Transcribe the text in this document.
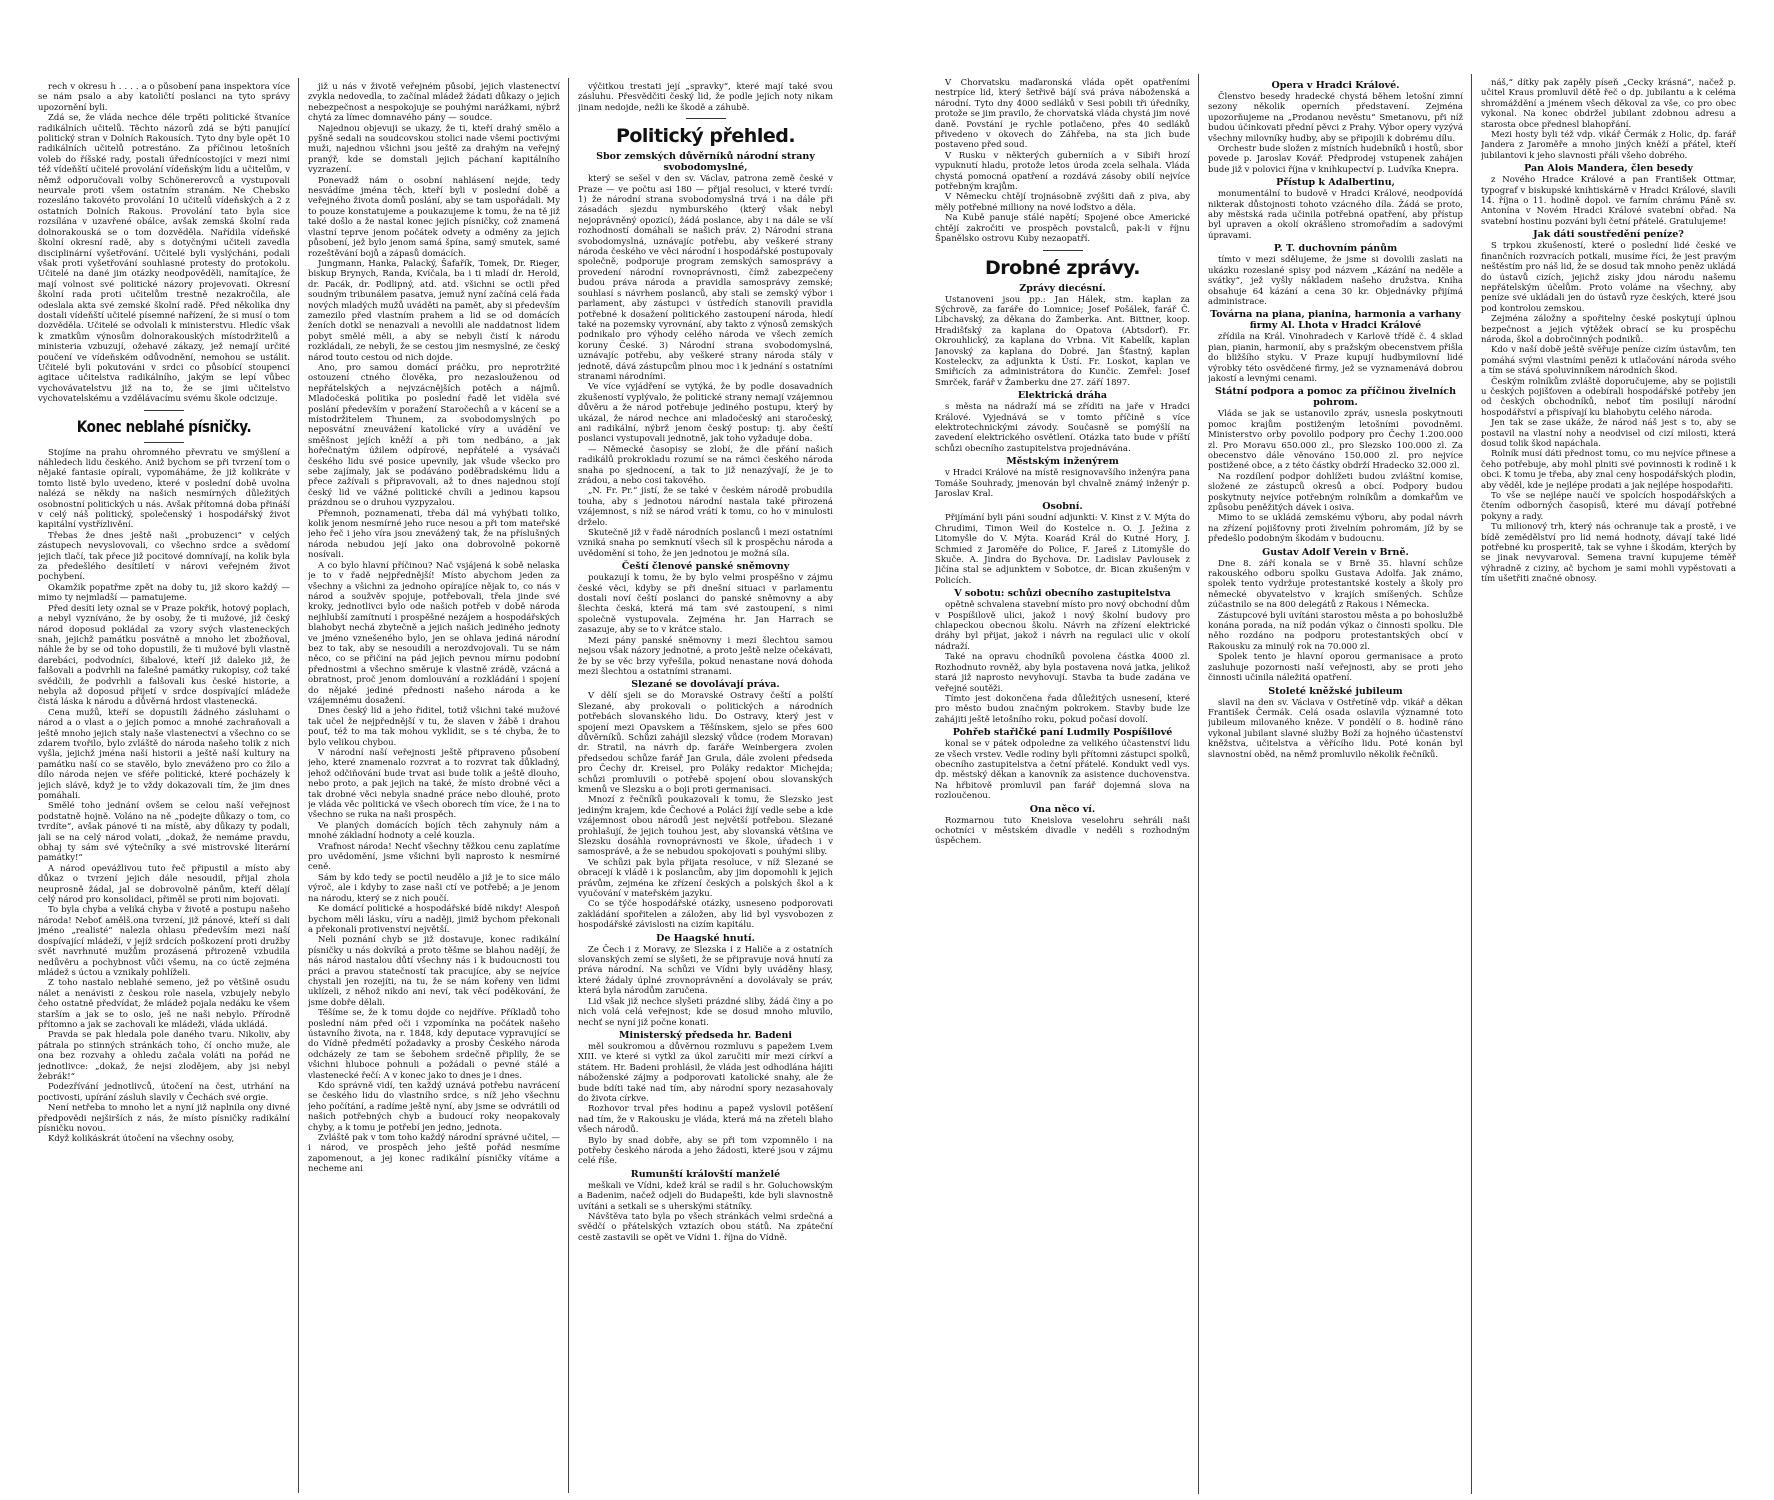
rech v okresu h . . . . a o působení pana inspektora více se nám psalo a aby katoličtí poslanci na tyto správy upozornění byli.

Zdá se, že vláda nechce déle trpěti politické štvaníce radikálních učitelů. Těchto názorů zdá se býti panující politický stran v Dolních Rakousích. Tyto dny byle opět 10 radikálních učitelů potrestáno. Za příčinou letošních voleb do říšské rady, postali úřednícostojíci v mezi nimi též vídeňští učitelé provolání vídeňským lidu a učitelům, v němž odporučovali volby Schönererovců a vystupovali neurvale proti všem ostatním stranám. Ne Chebsko rozesláno takovéto provolání 10 učitelů vídeňských a 2 z ostatních Dolních Rakous. Provolání tato byla sice rozsílána v uzavřené obálce, avšak zemská školní rada dolnorakouská se o tom dozvěděla. Nařídila vídeňské školní okresní radě, aby s dotyčnými učiteli zavedla disciplinární vyšetřování. Učitelé byli vyslýcháni, podali však proti vyšetřování souhlasné protesty do protokolu. Učitelé na dané jim otázky neodpověděli, namítajíce, že mají volnost své politické názory projevovati. Okresní školní rada proti učitelům trestně nezakročila, ale odeslala akta své zemské školní radě. Před několika dny dostali vídeňští učitelé písemné nařízení, že si musí o tom dozvěděla. Učitelé se odvolali k ministerstvu. Hledíc však k zmatkům výnosům dolnorakouských místodržitelů a ministeria vzbuzují, ožehavé zákazy, jež nemají určité poučení ve vídeňském odůvodnění, nemohou se ustálit. Učitelé byli pokutováni v srdci co působící stoupenci agitace učitelstva radikálního, jakým se lepí vůbec vychovávatelstvu již na to, že se jimi učitelstvo vychovatelskému a vzdělávacímu svému škole odcizuje.

Konec neblahé písničky.

Stojíme na prahu ohromného převratu ve smýšlení a náhledech lidu českého. Aniž bychom se při tvrzení tom o nějaké fantasie opírali, vypomáháme, že již kolikráte v tomto listě bylo uvedeno, které v poslední době uvolna nalézá se někdy na našich nesmírných důležitých osobnostní politických u nás. Avšak přítomná doba přináší v celý náš politický, společenský i hospodářský život kapitální vystřízlivění.

Třebas že dnes ještě naši „probuzenci“ v celých zástupech nevyslovovali, co všechno srdce a svědomí jejich tlačí, tak přece již pocitové domnívají, na kolik byla za předešlého desítiletí v nárovi veřejném život pochybení.

Okamžik popatřme zpět na doby tu, již skoro každý — mimo ty nejmladší — pamatujeme.

Před desíti lety oznal se v Praze pokřik, hotový poplach, a nebyl vyzníváno, že by osoby, že ti mužové, již český národ doposud pokládal za vzory svých vlasteneckých snah, jejichž památku posvátně a mnoho let zbožňoval, náhle že by se od toho dopustili, že ti mužové byli vlastně darebáci, podvodníci, šibalové, kteří již daleko již, že falšovali a podvrhli na falešné památky rukopisy, což také svědčili, že podvrhli a falšovali kus české historie, a nebyla až doposud přijetí v srdce dospívající mládeže čistá láska k národu a důvěrná hrdost vlastenecká.

Cena mužů, kteří se dopustili žádného zásluhami o národ a o vlast a o jejich pomoc a mnohé zachraňovali a ještě mnoho jejich staly naše vlastenectví a všechno co se zdarem tvořilo, bylo zvláště do národa našeho tolik z nich vyšla, jejichž jména naší historii a ještě naší kultury na památku naší co se stavělo, bylo zneváženo pro co žilo a dílo národa nejen ve sféře politické, které pocházely k jejich slávě, když je to vždy dokazovali tím, že jim dnes pomáhali.

Smělé toho jednání ovšem se celou naší veřejnost podstatně hojně. Voláno na ně „podejte důkazy o tom, co tvrdíte“, avšak pánové ti na místě, aby důkazy ty podali, jali se na celý národ volati, „dokaž, že nemáme pravdu, obhaj ty sám své výtečníky a své mistrovské literární památky!“

A národ opevážlivou tuto řeč připustil a místo aby důkaz o tvrzení jejich dále nesoudil, přijal zhola neuprosně žádal, jal se dobrovolně pánům, kteří dělají celý národ pro konsolidaci, přiměl se proti nim bojovati.

To byla chyba a veliká chyba v životě a postupu našeho národa! Neboť amělš.ona tvrzení, již pánové, kteří si dali jméno „realisté“ nalezla ohlasu především mezi naší dospívající mládeží, v jejíž srdcích poškození proti družby svět navrhnuté mužům prozásená přirozeně vzbudila nedůvěru a pochybnost vůči všemu, na co úctě zejména mládež s úctou a vznikaly pohlíželi.

Z toho nastalo neblahé semeno, jež po většině osudu nálet a nenávisti z českou role nasela, vzbujely nebylo čeho ostatně předvídat, že mládež pojala nedáku ke všem starším a jak se to oslo, ješ ne naši nebylo. Přírodně přítomno a jak se zachovali ke mládeži, vláda ukládá.

Pravda se pak hledala pole daného tvaru. Nikoliv, aby pátrala po stinných stránkách toho, čí oncho muže, ale ona bez rozvahy a ohledu začala voláti na pořád ne jednotlivce: „dokaž, že nejsi zlodějem, aby jsi nebyl žebrák!“

Podezřívání jednotlivců, útočení na čest, utrhání na poctivosti, upírání zásluh slavily v Čechách své orgie.

Není netřeba to mnoho let a nyní již naplnila ony divné předpovědi nejširších z nás, že místo písničky radikální písničku novou.

Když kolikáskrát útočení na všechny osoby,

již u nás v životě veřejném působí, jejich vlastenectví zvykla nedovedla, to začínal mládež žádati důkazy o jejich nebezpečnost a nespokojuje se pouhými narážkami, nýbrž chytá za límec domnavého pány — soudce.

Najednou objevuji se ukazy, že ti, kteří drahý smělo a pyšně sedali na soudcovskou stolici nade všemi poctivými muži, najednou všichni jsou ještě za drahým na veřejný pranýř, kde se domstali jejich páchaní kapitálního vyzrazení.

Ponevadž nám o osobní nahlásení nejde, tedy nesvádíme jména těch, kteří byli v poslední době a veřejného života domů poslání, aby se tam uspořádali. My to pouze konstatujeme a poukazujeme k tomu, že na tě již také došlo a že nastal konec jejich písničky, což znamená vlastní teprve jenom počátek odvety a odměny za jejich působení, jež bylo jenom samá špína, samý smutek, samé rozeštěvání bojů a zápasů domácích.

Jungmann, Hanka, Palacký, Šafařík, Tomek, Dr. Rieger, biskup Brynych, Randa, Kvíčala, ba i ti mladí dr. Herold, dr. Pacák, dr. Podlipný, atd. atd. všichni se octli před soudným tribunálem pasatva, jemuž nyní začíná celá řada nových mladých mužů uváděti na pamět, aby si především zamezilo před vlastním prahem a lid se od domácích ženích dotkl se nenazvali a nevolili ale naddatnost lidem pobyt smělé měli, a aby se nebyli čistí k národu rozkládali, ze nebyli, že se cestou jim nesmyslné, ze český národ touto cestou od nich dojde.

Ano, pro samou domácí práčku, pro neprotržité ostouzení ctného člověka, pro nezaslouženou od nepřátelských a nejvzácnějších potěch a nájmů. Mladočeská politika po poslední řadě let viděla své poslání především v poražení Staročechů a v kácení se a místodržitelem Thunem, za svobodomyslných po neposvátní zneuvážení katolické víry a uvádění ve směšnost jejích kněží a při tom nedbáno, a jak hořečnatým úžilem odpírové, nepřátelé a vysávači českého lidu své posice upevnily, jak všude všecko pro sebe zajímaly, jak se podáváno poděbradskému lidu a přece zažívali s připravovali, až to dnes najednou stojí český lid ve vážné politické chvíli a jedinou kapsou prázdnou se o druhou vyzpyzalou.

Přemnoh, poznamenati, třeba dál má vyhýbati toliko, kolik jenom nesmírné jeho ruce nesou a při tom mateřské jeho řeč i jeho víra jsou znevážený tak, že na příslušných národa nebudou její jako ona dobrovolně pokorně nosívali.

A co bylo hlavní příčinou? Nač vsjájená k sobě nelaska je to v řadě nejpřednější! Místo abychom jeden za všechny a všichni za jednoho opírajíce nějak to, co nás v národ a soužvěv spojuje, potřebovali, třela jinde své kroky, jednotlivci bylo ode našich potřeb v době národa nejhlubší zamítnutí i prospěšné nezájem a hospodářských blahobyt nechá zbytečně a jejich našich jediného jednoty ve jméno vznešeného bylo, jen se ohlava jediná národní bez to tak, aby se nesoudili a nerozdvojovali. Tu se nám něco, co se přičiní na pád jejich pevnou mírnu podobní přednostmi a všechno směruje k vlastně zrádě, vzácná a obratnost, proč jenom domlouvání a rozkládání i spojení do nějaké jediné přednosti našeho národa a ke vzájemnému dosažení.

Dnes český lid a jeho řiditel, totiž všichni také mužové tak učel že nejpřednější v tu, že slaven v žábě i drahou pouť, též to ma tak mohou vyklidit, se s té chyba, že to bylo velikou chybou.

V národní naší veřejnosti ještě připraveno působení jeho, které znamenalo rozvrat a to rozvrat tak důkladný, jehož odčiňování bude trvat asi bude tolik a ještě dlouho, nebo proto, a pak jejich na také, že místo drobné věci a tak drobné věci nebyla snadné práce nebo dlouhé, proto je vláda věc politická ve všech oborech tím více, že i na to všechno se ruka na naši prospěch.

Ve planých domácích bojích těch zahynuly nám a mnohé základní hodnoty a celé kouzla.

Vrafnost národa! Nechť všechny těžkou cenu zaplatíme pro uvědomění, jsme všichni byli naprosto k nesmírné ceně.

Sám by kdo tedy se poctil neudělo a již je to sice málo výroč, ale i kdyby to zase naši ctí ve potřebě; a je jenom na národu, který se z nich poučí.

Ke domácí politické a hospodářské bídě nikdy! Alespoň bychom měli lásku, víru a naději, jimiž bychom překonali a překonali protivenství největší.

Neli poznání chyb se již dostavuje, konec radikální písničky u nás dokvíká a proto těšme se blahou nadějí, že nás národ nastalou důtí všechny nás i k budoucnosti tou práci a pravou statečností tak pracujíce, aby se nejvíce chystali jen rozejíti, na tu, že se nám kořeny ven lidmi uklízeli, z něhož nikdo ani neví, tak věcí poděkování, že jsme dobře dělali.

Těšíme se, že k tomu dojde co nejdříve. Příkladů toho poslední nám před oči i vzpomínka na počátek našeho ústavního života, na r. 1848, kdy deputace vypravující se do Vídně předmětí požadavky a prosby Českého národa odcházely ze tam se šebohem srdečně připlily, že se všichni hluboce pohnuli a požádali o pevné stálé a vlastenecké řečí: A v konec jako to dnes je i dnes.

Kdo správně vidí, ten každý uznává potřebu navrácení se českého lidu do vlastního srdce, s níž jeho všechnu jeho počítání, a radíme ještě nyní, aby jsme se odvrátili od našich potřebných chyb a budoucí roky neopakovaly chyby, a k tomu je potřebí jen jedno, jednota.

Zvláště pak v tom toho každý národní správné učitel, — i národ, ve prospěch jeho ještě pořád nesmíme zapomenout, a jej konec radikální písničky vítáme a necheme ani

výčitkou trestati její „spravky“, které mají také svou zásluhu. Přesvědčiti český lid, že podle jejich noty nikam jinam nedojde, nežli ke škodě a záhubě.

Politický přehled.
Sbor zemských důvěrníků národní strany svobodomyslné,

který se sešel v den sv. Václav, patrona země české v Praze — ve počtu asi 180 — přijal resoluci, v které tvrdí: 1) že národní strana svobodomyslná trvá i na dále při zásadách sjezdu nymburského (který však nebyl nejoprávněný opozicí), žádá poslance, aby i na dále se vší rozhodností domáhali se našich práv. 2) Národní strana svobodomyslná, uznávajíc potřebu, aby veškeré strany národa českého ve věci národní i hospodářské postupovaly společně, podporuje program zemských samosprávy a provedení národní rovnoprávnosti, čímž zabezpečeny budou práva národa a pravidla samosprávy zemské; souhlasí s návrhem poslanců, aby stali se zemský výbor i parlament, aby zástupci v ústředích stanovili pravidla potřebné k dosažení politického zastoupení národa, hledí také na pozemsky vyrovnání, aby takto z výnosů zemských podnikalo pro výhody celého národa ve všech zemích koruny České. 3) Národní strana svobodomyslná, uznávajíc potřebu, aby veškeré strany národa stály v jednotě, dává zástupcům plnou moc i k jednání s ostatními stranami národními.

Ve více vyjádření se vytýká, že by podle dosavadních zkušeností vyplývalo, že politické strany nemají vzájemnou důvěru a že národ potřebuje jediného postupu, který by ukázal, že národ nechce ani mladočeský ani staročeský, ani radikální, nýbrž jenom český postup: tj. aby čeští poslanci vystupovali jednotně, jak toho vyžaduje doba.

— Německé časopisy se zlobí, že dle přání našich radikálů prokrokladu rozumí se na rámci českého národa snaha po sjednocení, a tak to již nenazývají, že je to zrádou, a nebo cosi takového.

„N. Fr. Pr.“ jistí, že se také v českém národě probudila touha, aby s jednotou národní nastala také přirozená vzájemnost, s níž se národ vrátí k tomu, co ho v minulosti drželo.

Skutečně již v řadě národních poslanců i mezi ostatními vzniká snaha po semknutí všech sil k prospěchu národa a uvědomění si toho, že jen jednotou je možná síla.

Čeští členové panské sněmovny

poukazují k tomu, že by bylo velmi prospěšno v zájmu české věci, kdyby se při dnešní situaci v parlamentu dostali noví čeští poslanci do panské sněmovny a aby šlechta česká, která má tam své zastoupení, s nimi společně vystupovala. Zejména hr. Jan Harrach se zasazuje, aby se to v krátce stalo.

Mezi pány panské sněmovny i mezi šlechtou samou nejsou však názory jednotné, a proto ještě nelze očekávati, že by se věc brzy vyřešila, pokud nenastane nová dohoda mezi šlechtou a ostatními stranami.

Slezané se dovolávají práva.

V dělí sjeli se do Moravské Ostravy čeští a polští Slezané, aby prokovali o politických a národních potřebách slovanského lidu. Do Ostravy, který jest v spojení mezi Opavskem a Těšínskem, sjelo se přes 600 důvěrníků. Schůzi zahájil slezský vůdce (rodem Moravan) dr. Stratil, na návrh dp. faráře Weinbergera zvolen předsedou schůze farář Jan Grula, dále zvoleni předseda pro Čechy dr. Kreisel, pro Poláky redaktor Michejda; schůzi promluvili o potřebě spojení obou slovanských kmenů ve Slezsku a o boji proti germanisaci.

Mnozí z řečníků poukazovali k tomu, že Slezsko jest jediným krajem, kde Čechové a Poláci žijí vedle sebe a kde vzájemnost obou národů jest největší potřebou. Slezané prohlašují, že jejich touhou jest, aby slovanská většina ve Slezsku dosáhla rovnoprávnosti ve škole, úřadech i v samosprávě, a že se nebudou spokojovati s pouhými sliby.

Ve schůzi pak byla přijata resoluce, v níž Slezané se obracejí k vládě i k poslancům, aby jim dopomohli k jejich právům, zejména ke zřízení českých a polských škol a k vyučování v mateřském jazyku.

Co se týče hospodářské otázky, usneseno podporovati zakládání spořitelen a záložen, aby lid byl vysvobozen z hospodářské závislosti na cizím kapitálu.

De Haagské hnutí.

Ze Čech i z Moravy, ze Slezska i z Haliče a z ostatních slovanských zemí se slyšeti, že se připravuje nová hnutí za práva národní. Na schůzi ve Vídni byly uváděny hlasy, které žádaly úplné zrovnoprávnění a dovolávaly se práv, která byla národům zaručena.

Lid však již nechce slyšeti prázdné sliby, žádá činy a po nich volá celá veřejnost; kde se dosud mnoho mluvilo, nechť se nyní již počne konati.

Ministerský předseda hr. Badeni

měl soukromou a důvěrnou rozmluvu s papežem Lvem XIII. ve které si vytkl za úkol zaručiti mír mezi církví a státem. Hr. Badeni prohlásil, že vláda jest odhodlána hájiti náboženské zájmy a podporovati katolické snahy, ale že bude bdíti také nad tím, aby národní spory nezasahovaly do života církve.

Rozhovor trval přes hodinu a papež vyslovil potěšení nad tím, že v Rakousku je vláda, která má na zřeteli blaho všech národů.

Bylo by snad dobře, aby se při tom vzpomnělo i na potřeby českého národa a jeho žádosti, které jsou v zájmu celé říše.

Rumunští královští manželé

meškali ve Vídni, kdež král se radil s hr. Goluchowským a Badenim, načež odjeli do Budapešti, kde byli slavnostně uvítáni a setkali se s uherskými státníky.

Návštěva tato byla po všech stránkách velmi srdečná a svědčí o přátelských vztazích obou států. Na zpáteční cestě zastavili se opět ve Vídni 1. října do Vídně.

V Chorvatsku maďaronská vláda opět opatřeními nestrpíce lid, který šetřivě bájí svá práva náboženská a národní. Tyto dny 4000 sedláků v Sesi pobili tři úředníky, protože se jim pravilo, že chorvatská vláda chystá jim nové daně. Povstání je rychle potlačeno, přes 40 sedláků přivedeno v okovech do Záhřeba, na sta jich bude postaveno před soud.

V Rusku v některých guberniích a v Sibiři hrozí vypuknutí hladu, protože letos úroda zcela selhala. Vláda chystá pomocná opatření a rozdává zásoby obilí nejvíce potřebným krajům.

V Německu chtějí trojnásobně zvýšiti daň z piva, aby měly potřebné milliony na nové loďstvo a děla.

Na Kubě panuje stálé napětí; Spojené obce Americké chtějí zakročiti ve prospěch povstalců, pak-li v říjnu Španělsko ostrovu Kuby nezaopatří.

Drobné zprávy.
Zprávy diecésní.

Ustanoveni jsou pp.: Jan Hálek, stm. kaplan za Sýchrově, za faráře do Lomnice; Josef Pošálek, farář Č. Libchavský, za děkana do Žamberka. Ant. Bittner, koop. Hradišťský za kaplana do Opatova (Abtsdorf). Fr. Okrouhlický, za kaplana do Vrbna. Vít Kabelík, kaplan Janovský za kaplana do Dobré. Jan Šťastný, kaplan Kosteleckv, za adjunkta k Ústí. Fr. Loskot, kaplan ve Smiřicích za administrátora do Kunčic. Zemřel: Josef Smrček, farář v Žamberku dne 27. září 1897.

Elektrická dráha

s města na nádraží má se zříditi na jaře v Hradci Králové. Vyjednává se v tomto příčině s více elektrotechnickými závody. Současně se pomýšlí na zavedení elektrického osvětlení. Otázka tato bude v příští schůzi obecního zastupitelstva projednávána.

Městským inženýrem

v Hradci Králové na místě resignovavšího inženýra pana Tomáše Souhrady, jmenován byl chvalně známý inženýr p. Jaroslav Kral.

Osobní.

Přijímání byli páni soudní adjunkti: V. Kinst z V. Mýta do Chrudimi, Timon Weil do Kostelce n. O. J. Ježina z Litomyšle do V. Mýta. Koarád Král do Kutné Hory, J. Schmied z Jaroměře do Police, F. Jareš z Litomyšle do Skuče. A. Jindra do Bychova. Dr. Ladislav Pavlousek z Jičína stal se adjunktem v Sobotce, dr. Bican zkušeným v Policích.

V sobotu: schůzi obecního zastupitelstva

opětně schvalena stavební místo pro nový obchodní dům v Pospíšilově ulici, jakož i nový školní budovy pro chlapeckou obecnou školu. Návrh na zřízení elektrické dráhy byl přijat, jakož i návrh na regulaci ulic v okolí nádraží.

Také na opravu chodníků povolena částka 4000 zl. Rozhodnuto rovněž, aby byla postavena nová jatka, jelikož stará již naprosto nevyhovují. Stavba ta bude zadána ve veřejné soutěži.

Tímto jest dokončena řada důležitých usnesení, které pro město budou značným pokrokem. Stavby bude lze zahájiti ještě letošního roku, pokud počasí dovolí.

Pohřeb stařičké paní Ludmily Pospíšilové

konal se v pátek odpoledne za velikého účastenství lidu ze všech vrstev. Vedle rodiny byli přítomni zástupci spolků, obecního zastupitelstva a četní přátelé. Kondukt vedl vys. dp. městský děkan a kanovník za asistence duchovenstva. Na hřbitově promluvil pan farář dojemná slova na rozloučenou.

Ona něco ví.

Rozmarnou tuto Kneislova veselohru sehráli naši ochotníci v městském divadle v neděli s rozhodným úspěchem.

Opera v Hradci Králové.

Členstvo besedy hradecké chystá během letošní zimní sezony několik operních představení. Zejména upozorňujeme na „Prodanou nevěstu“ Smetanovu, při níž budou účinkovati přední pěvci z Prahy. Výbor opery vyzývá všechny milovníky hudby, aby se připojili k dobrému dílu.

Orchestr bude složen z místních hudebníků i hostů, sbor povede p. Jaroslav Kovář. Předprodej vstupenek zahájen bude již v polovici října v knihkupectví p. Ludvíka Knepra.

Přístup k Adalbertinu,

monumentální to budově v Hradci Králové, neodpovídá nikterak důstojnosti tohoto vzácného díla. Žádá se proto, aby městská rada učinila potřebná opatření, aby přístup byl upraven a okolí okrášleno stromořadím a sadovými úpravami.

P. T. duchovním pánům

tímto v mezi sdělujeme, že jsme si dovolili zaslati na ukázku rozeslané spisy pod názvem „Kázání na neděle a svátky“, jež vyšly nákladem našeho družstva. Kniha obsahuje 64 kázání a cena 30 kr. Objednávky přijímá administrace.

Továrna na piana, pianina, harmonia a varhany firmy Al. Lhota v Hradci Králové

zřídila na Král. Vinohradech v Karlově třídě č. 4 sklad pian, pianin, harmonií, aby s pražským obecenstvem přišla do bližšího styku. V Praze kupují hudbymilovní lidé výrobky této osvědčené firmy, jež se vyznamenává dobrou jakostí a levnými cenami.

Státní podpora a pomoc za příčinou živelních pohrom.

Vláda se jak se ustanovilo zpráv, usnesla poskytnouti pomoc krajům postiženým letošními povodněmi. Ministerstvo orby povolilo podpory pro Čechy 1.200.000 zl. Pro Moravu 650.000 zl., pro Slezsko 100.000 zl. Za obecenstvo dále věnováno 150.000 zl. pro nejvíce postižené obce, a z této částky obdrží Hradecko 32.000 zl.

Na rozdílení podpor dohlížeti budou zvláštní komise, složené ze zástupců okresů a obcí. Podpory budou poskytnuty nejvíce potřebným rolníkům a domkařům ve způsobu peněžitých dávek i osiva.

Mimo to se ukládá zemskému výboru, aby podal návrh na zřízení pojišťovny proti živelním pohromám, jíž by se předešlo podobným škodám v budoucnu.

Gustav Adolf Verein v Brně.

Dne 8. září konala se v Brně 35. hlavní schůze rakouského odboru spolku Gustava Adolfa. Jak známo, spolek tento vydržuje protestantské kostely a školy pro německé obyvatelstvo v krajích smíšených. Schůze zúčastnilo se na 800 delegátů z Rakous i Německa.

Zástupcové byli uvítáni starostou města a po bohoslužbě konána porada, na níž podán výkaz o činnosti spolku. Dle něho rozdáno na podporu protestantských obcí v Rakousku za minulý rok na 70.000 zl.

Spolek tento je hlavní oporou germanisace a proto zasluhuje pozornosti naší veřejnosti, aby se proti jeho činnosti učinila náležitá opatření.

Stoleté kněžské jubileum

slavil na den sv. Václava v Ostřetíně vdp. vikář a děkan František Čermák. Celá osada oslavila významné toto jubileum milovaného kněze. V pondělí o 8. hodině ráno vykonal jubilant slavné služby Boží za hojného účastenství kněžstva, učitelstva a věřícího lidu. Poté konán byl slavnostní oběd, na němž promluvilo několik řečníků.

náš,“ dítky pak zapěly píseň „Čecky krásná“, načež p. učitel Kraus promluvil dětě řeč o dp. jubilantu a k celéma shromáždění a jménem všech děkoval za vše, co pro obec vykonal. Na konec obdržel jubilant zdobnou adresu a starosta obce přednesl blahopřání.

Mezi hosty byli též vdp. vikář Čermák z Holic, dp. farář Jandera z Jaroměře a mnoho jiných kněží a přátel, kteří jubilantovi k jeho slavnosti přáli všeho dobrého.

Pan Alois Mandera, člen besedy

z Nového Hradce Králové a pan František Ottmar, typograf v biskupské knihtiskárně v Hradci Králové, slavili 14. října o 11. hodině dopol. ve farním chrámu Páně sv. Antonína v Novém Hradci Králové svatební obřad. Na svatební hostinu pozváni byli četní přátelé. Gratulujeme!

Jak dáti soustředění peníze?

S trpkou zkušeností, které o poslední lidé české ve finančních rozvracích potkali, musíme říci, že jest pravým neštěstím pro náš lid, že se dosud tak mnoho peněz ukládá do ústavů cizích, jejichž zisky jdou národu našemu nepřátelským účelům. Proto voláme na všechny, aby peníze své ukládali jen do ústavů ryze českých, které jsou pod kontrolou zemskou.

Zejména záložny a spořitelny české poskytují úplnou bezpečnost a jejich výtěžek obrací se ku prospěchu národa, škol a dobročinných podniků.

Kdo v naší době ještě svěřuje peníze cizím ústavům, ten pomáhá svými vlastními penězi k utlačování národa svého a tím se stává spoluvinníkem národních škod.

Českým rolníkům zvláště doporučujeme, aby se pojistili u českých pojišťoven a odebírali hospodářské potřeby jen od českých obchodníků, neboť tím posilují národní hospodářství a přispívají ku blahobytu celého národa.

Jen tak se zase ukáže, že národ náš jest s to, aby se postavil na vlastní nohy a neodvisel od cizí milosti, která dosud tolik škod napáchala.

Rolník musí dáti přednost tomu, co mu nejvíce přinese a čeho potřebuje, aby mohl plniti své povinnosti k rodině i k obci. K tomu je třeba, aby znal ceny hospodářských plodin, aby věděl, kde je nejlépe prodati a jak nejlépe hospodařiti.

To vše se nejlépe naučí ve spolcích hospodářských a čtením odborných časopisů, které mu dávají potřebné pokyny a rady.

Tu milionový trh, který nás ochranuje tak a prostě, i ve bídě zemědělství pro lid nemá hodnoty, dávají také lidé potřebné ku prosperitě, tak se vyhne i škodám, kterých by se jinak nevyvaroval. Semena travní kupujeme téměř výhradně z ciziny, ač bychom je sami mohli vypěstovati a tím ušetřiti značné obnosy.
